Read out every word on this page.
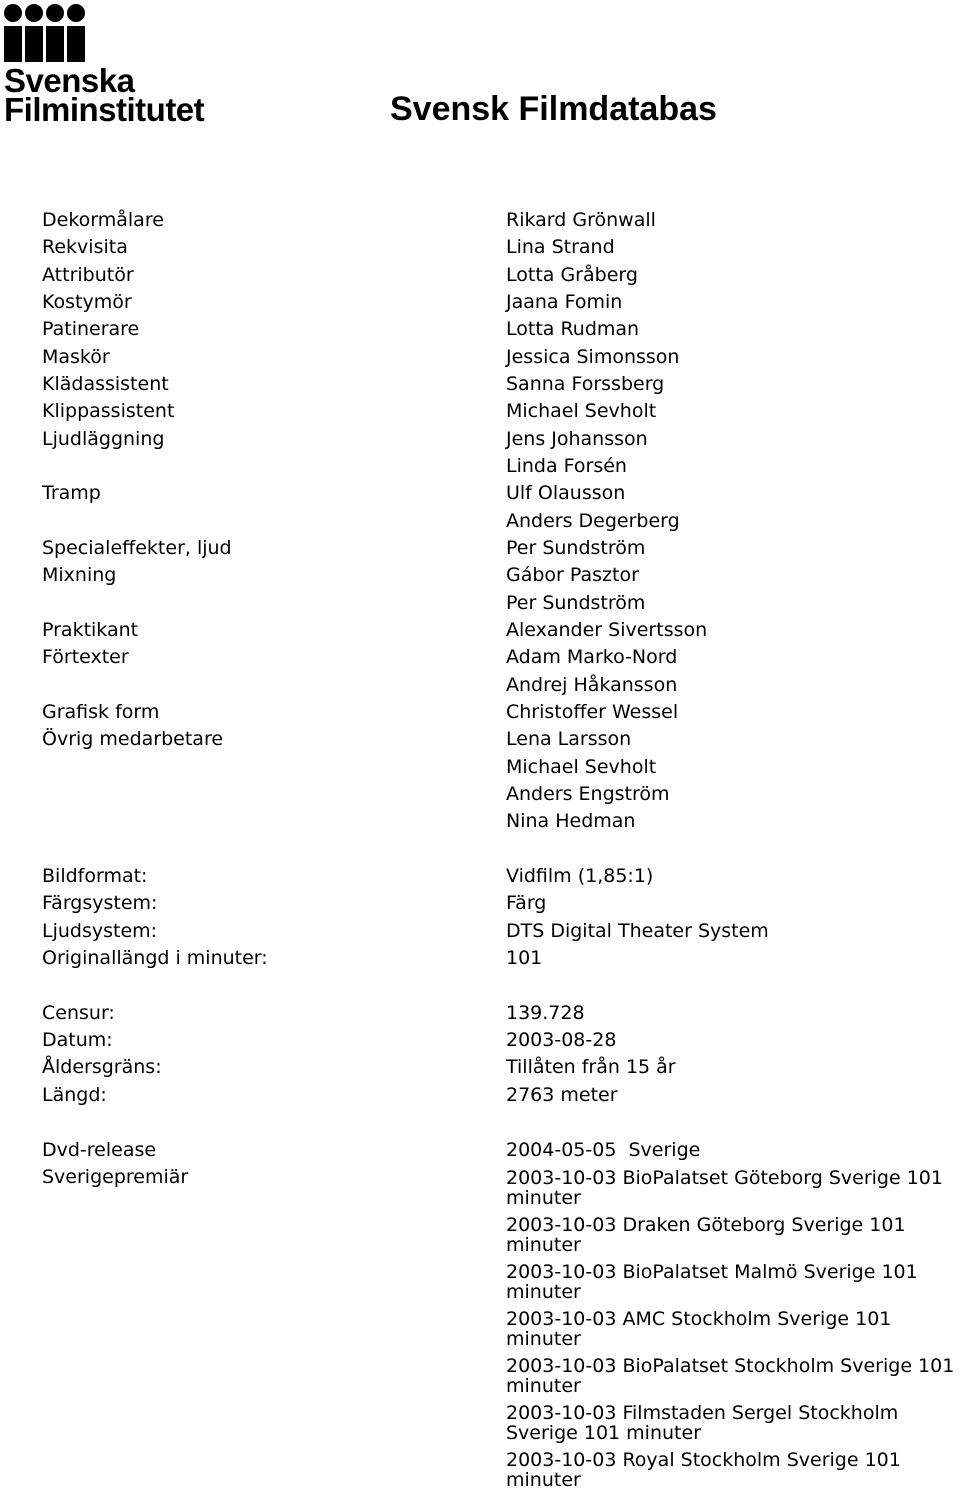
Svenska
Filminstitutet	Svensk Filmdatabas
Dekormålare	Rikard Grönwall
Rekvisita	Lina Strand
Attributör	Lotta Gråberg
Kostymör	Jaana Fomin
Patinerare	Lotta Rudman
Maskör	Jessica Simonsson
Klädassistent	Sanna Forssberg
Klippassistent	Michael Sevholt
Ljudläggning	Jens Johansson
Linda Forsén
Tramp	Ulf Olausson
Anders Degerberg
Specialeffekter, ljud	Per Sundström
Mixning	Gábor Pasztor
Per Sundström
Praktikant	Alexander Sivertsson
Förtexter	Adam Marko-Nord
Andrej Håkansson
Grafisk form	Christoffer Wessel
Övrig medarbetare	Lena Larsson
Michael Sevholt
Anders Engström
Nina Hedman
Bildformat:	Vidfilm (1,85:1)
Färgsystem:	Färg
Ljudsystem:	DTS Digital Theater System
Originallängd i minuter:	101
Censur:	139.728
Datum:	2003-08-28
Åldersgräns:	Tillåten från 15 år
Längd:	2763 meter
Dvd-release	2004-05-05  Sverige
Sverigepremiär	2003-10-03 BioPalatset Göteborg Sverige 101 minuter
2003-10-03 Draken Göteborg Sverige 101 minuter
2003-10-03 BioPalatset Malmö Sverige 101 minuter
2003-10-03 AMC Stockholm Sverige 101 minuter
2003-10-03 BioPalatset Stockholm Sverige 101 minuter
2003-10-03 Filmstaden Sergel Stockholm Sverige 101 minuter
2003-10-03 Royal Stockholm Sverige 101 minuter
